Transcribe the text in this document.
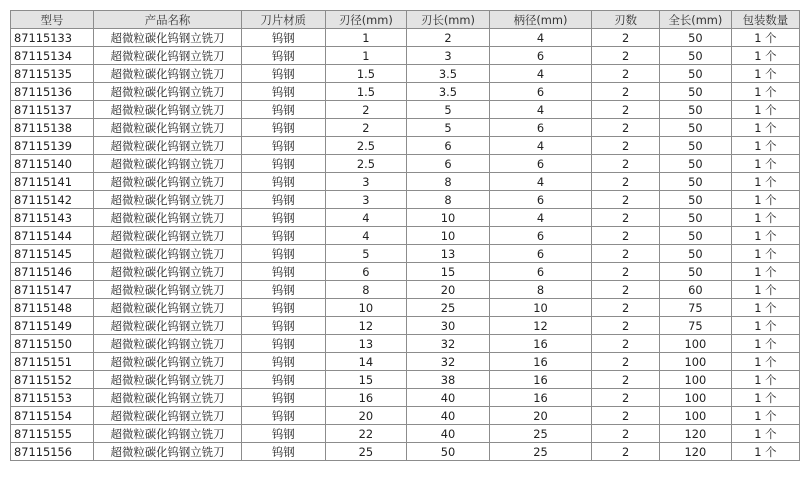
型号	产品名称	刀片材质	刃径(mm)	刃长(mm)	柄径(mm)	刃数	全长(mm)	包装数量
87115133	超微粒碳化钨钢立铣刀	钨钢	1	2	4	2	50	1 个
87115134	超微粒碳化钨钢立铣刀	钨钢	1	3	6	2	50	1 个
87115135	超微粒碳化钨钢立铣刀	钨钢	1.5	3.5	4	2	50	1 个
87115136	超微粒碳化钨钢立铣刀	钨钢	1.5	3.5	6	2	50	1 个
87115137	超微粒碳化钨钢立铣刀	钨钢	2	5	4	2	50	1 个
87115138	超微粒碳化钨钢立铣刀	钨钢	2	5	6	2	50	1 个
87115139	超微粒碳化钨钢立铣刀	钨钢	2.5	6	4	2	50	1 个
87115140	超微粒碳化钨钢立铣刀	钨钢	2.5	6	6	2	50	1 个
87115141	超微粒碳化钨钢立铣刀	钨钢	3	8	4	2	50	1 个
87115142	超微粒碳化钨钢立铣刀	钨钢	3	8	6	2	50	1 个
87115143	超微粒碳化钨钢立铣刀	钨钢	4	10	4	2	50	1 个
87115144	超微粒碳化钨钢立铣刀	钨钢	4	10	6	2	50	1 个
87115145	超微粒碳化钨钢立铣刀	钨钢	5	13	6	2	50	1 个
87115146	超微粒碳化钨钢立铣刀	钨钢	6	15	6	2	50	1 个
87115147	超微粒碳化钨钢立铣刀	钨钢	8	20	8	2	60	1 个
87115148	超微粒碳化钨钢立铣刀	钨钢	10	25	10	2	75	1 个
87115149	超微粒碳化钨钢立铣刀	钨钢	12	30	12	2	75	1 个
87115150	超微粒碳化钨钢立铣刀	钨钢	13	32	16	2	100	1 个
87115151	超微粒碳化钨钢立铣刀	钨钢	14	32	16	2	100	1 个
87115152	超微粒碳化钨钢立铣刀	钨钢	15	38	16	2	100	1 个
87115153	超微粒碳化钨钢立铣刀	钨钢	16	40	16	2	100	1 个
87115154	超微粒碳化钨钢立铣刀	钨钢	20	40	20	2	100	1 个
87115155	超微粒碳化钨钢立铣刀	钨钢	22	40	25	2	120	1 个
87115156	超微粒碳化钨钢立铣刀	钨钢	25	50	25	2	120	1 个
